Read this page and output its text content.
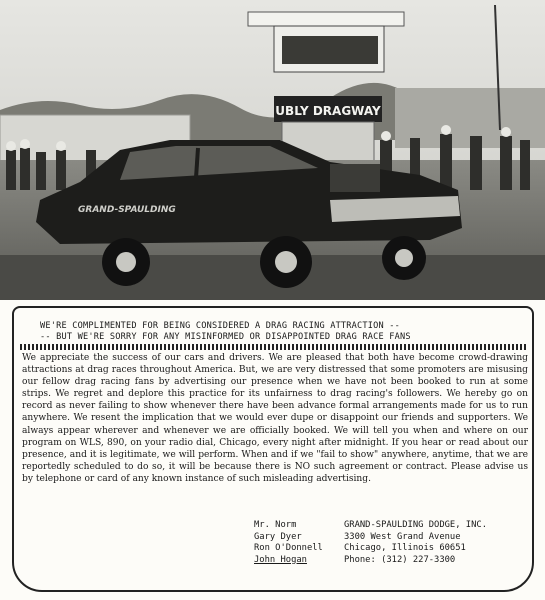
UBLY DRAGWAY
GRAND-SPAULDING
WE'RE COMPLIMENTED FOR BEING CONSIDERED A DRAG RACING ATTRACTION --
-- BUT WE'RE SORRY FOR ANY MISINFORMED OR DISAPPOINTED DRAG RACE FANS
We appreciate the success of our cars and drivers. We are pleased that both have become crowd-drawing attractions at drag races throughout America. But, we are very distressed that some promoters are misusing our fellow drag racing fans by advertising our presence when we have not been booked to run at some strips. We regret and deplore this practice for its unfairness to drag racing's followers. We hereby go on record as never failing to show whenever there have been advance formal arrangements made for us to run anywhere. We resent the implication that we would ever dupe or disappoint our friends and supporters. We always appear wherever and whenever we are officially booked. We will tell you when and where on our program on WLS, 890, on your radio dial, Chicago, every night after midnight. If you hear or read about our presence, and it is legitimate, we will perform. When and if we "fail to show" anywhere, anytime, that we are reportedly scheduled to do so, it will be because there is NO such agreement or contract. Please advise us by telephone or card of any known instance of such misleading advertising.
Mr. Norm	GRAND-SPAULDING DODGE, INC.
Gary Dyer	3300 West Grand Avenue
Ron O'Donnell	Chicago, Illinois 60651
John Hogan	Phone: (312) 227-3300
